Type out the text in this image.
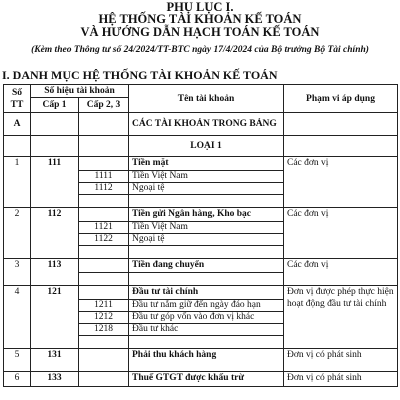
PHỤ LỤC I.
HỆ THỐNG TÀI KHOẢN KẾ TOÁN
VÀ HƯỚNG DẪN HẠCH TOÁN KẾ TOÁN
(Kèm theo Thông tư số 24/2024/TT-BTC ngày 17/4/2024 của Bộ trưởng Bộ Tài chính)
I. DANH MỤC HỆ THỐNG TÀI KHOẢN KẾ TOÁN
Số
TT	Số hiệu tài khoản		Tên tài khoản	Phạm vi áp dụng
	Cấp 1	Cấp 2, 3		
A			CÁC TÀI KHOẢN TRONG BẢNG	
			LOẠI 1	
1	111		Tiền mặt	Các đơn vị
		1111	Tiền Việt Nam	
		1112	Ngoại tệ	

2	112		Tiền gửi Ngân hàng, Kho bạc	Các đơn vị
		1121	Tiền Việt Nam	
		1122	Ngoại tệ	

3	113		Tiền đang chuyển	Các đơn vị

4	121		Đầu tư tài chính	Đơn vị được phép thực hiện hoạt động đầu tư tài chính
		1211	Đầu tư nắm giữ đến ngày đáo hạn	
		1212	Đầu tư góp vốn vào đơn vị khác	
		1218	Đầu tư khác	

5	131		Phải thu khách hàng	Đơn vị có phát sinh

6	133		Thuế GTGT được khấu trừ	Đơn vị có phát sinh
